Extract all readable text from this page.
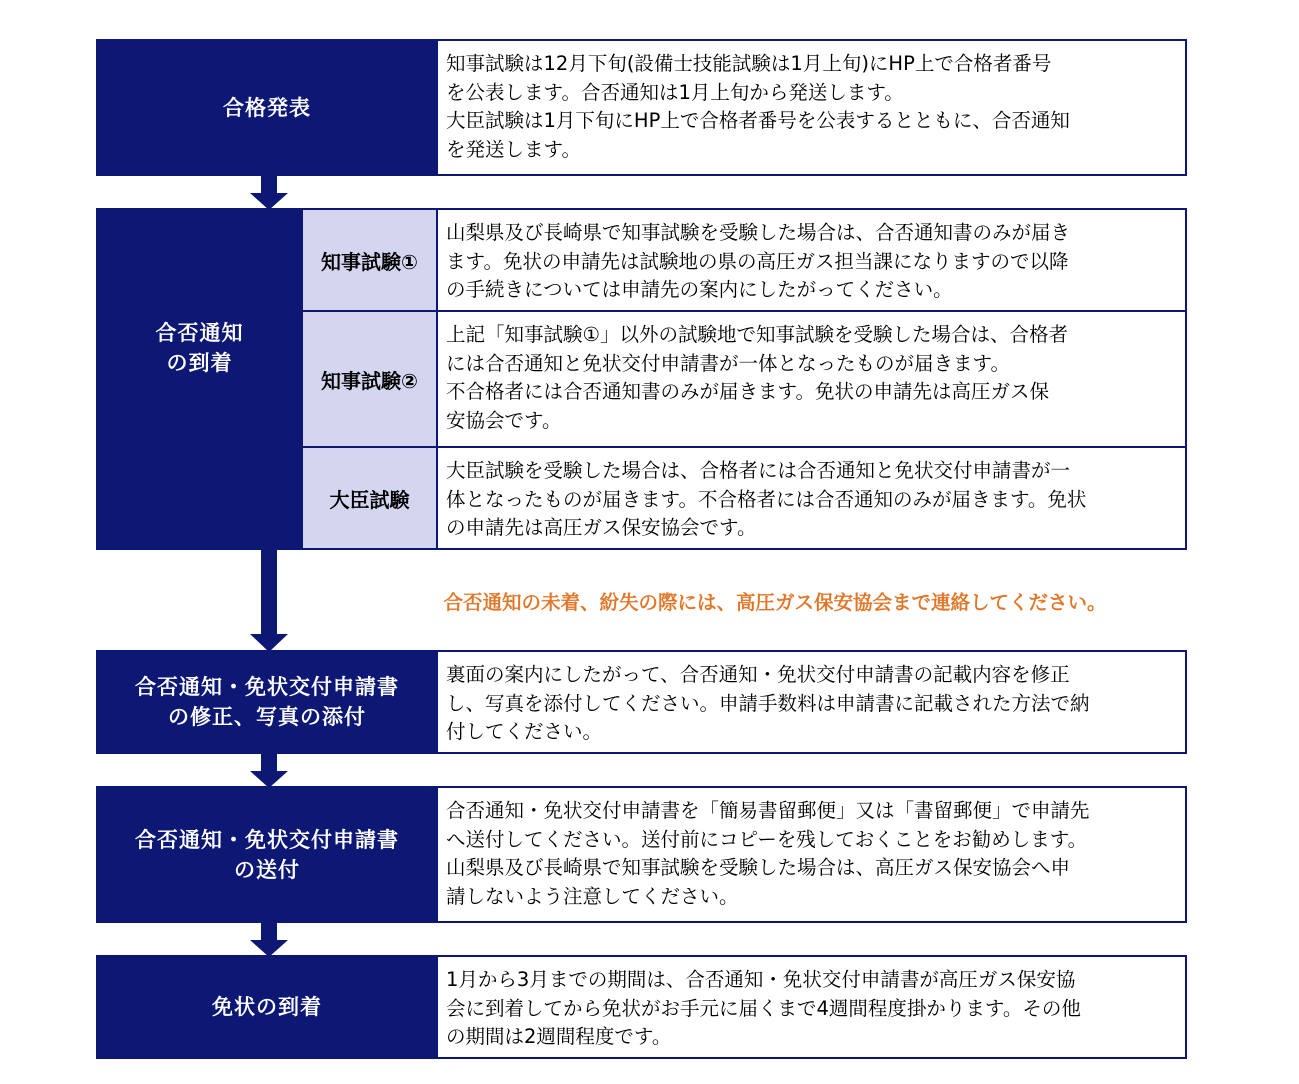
合格発表
知事試験は12月下旬(設備士技能試験は1月上旬)にHP上で合格者番号
を公表します。合否通知は1月上旬から発送します。
大臣試験は1月下旬にHP上で合格者番号を公表するとともに、合否通知
を発送します。
合否通知
の到着
知事試験①
山梨県及び長崎県で知事試験を受験した場合は、合否通知書のみが届き
ます。免状の申請先は試験地の県の高圧ガス担当課になりますので以降
の手続きについては申請先の案内にしたがってください。
知事試験②
上記「知事試験①」以外の試験地で知事試験を受験した場合は、合格者
には合否通知と免状交付申請書が一体となったものが届きます。
不合格者には合否通知書のみが届きます。免状の申請先は高圧ガス保
安協会です。
大臣試験
大臣試験を受験した場合は、合格者には合否通知と免状交付申請書が一
体となったものが届きます。不合格者には合否通知のみが届きます。免状
の申請先は高圧ガス保安協会です。
合否通知の未着、紛失の際には、高圧ガス保安協会まで連絡してください。
合否通知・免状交付申請書
の修正、写真の添付
裏面の案内にしたがって、合否通知・免状交付申請書の記載内容を修正
し、写真を添付してください。申請手数料は申請書に記載された方法で納
付してください。
合否通知・免状交付申請書
の送付
合否通知・免状交付申請書を「簡易書留郵便」又は「書留郵便」で申請先
へ送付してください。送付前にコピーを残しておくことをお勧めします。
山梨県及び長崎県で知事試験を受験した場合は、高圧ガス保安協会へ申
請しないよう注意してください。
免状の到着
1月から3月までの期間は、合否通知・免状交付申請書が高圧ガス保安協
会に到着してから免状がお手元に届くまで4週間程度掛かります。その他
の期間は2週間程度です。
